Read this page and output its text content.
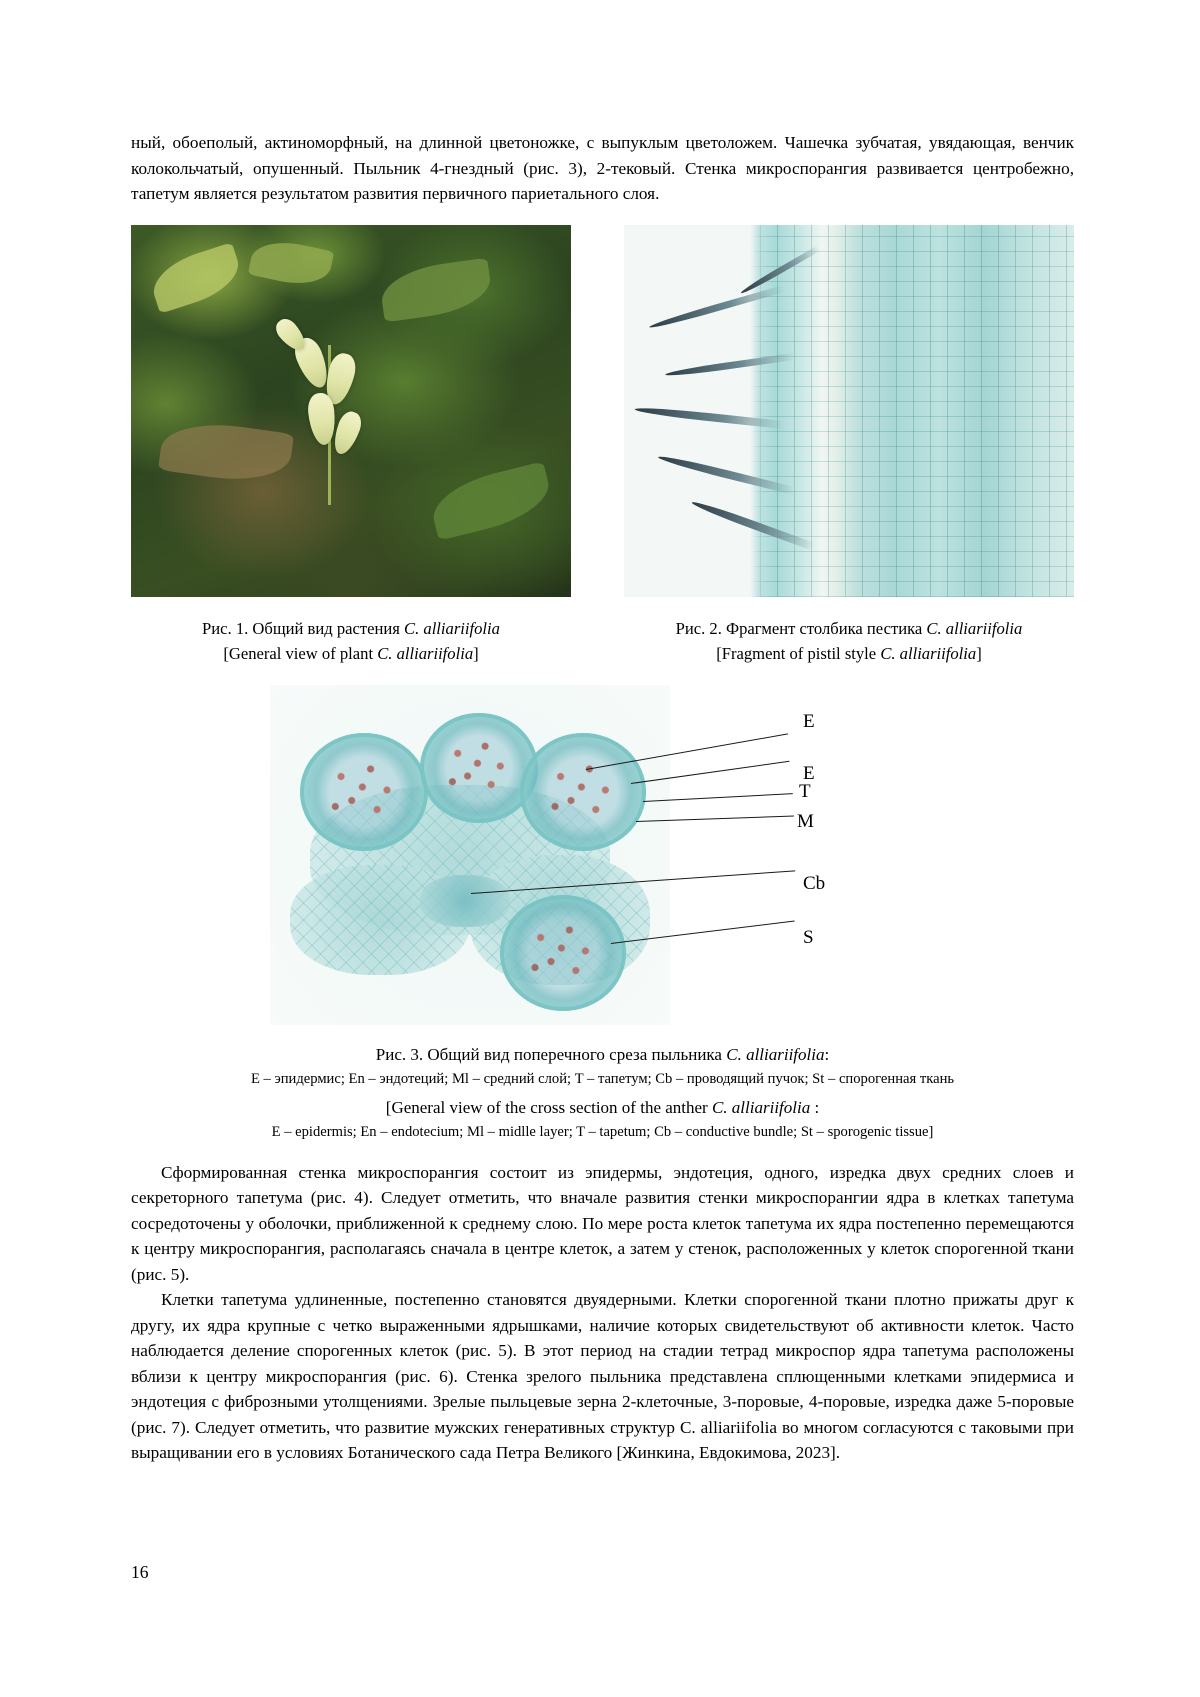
ный, обоеполый, актиноморфный, на длинной цветоножке, с выпуклым цветоложем. Чашечка зубчатая, увядающая, венчик колокольчатый, опушенный. Пыльник 4-гнездный (рис. 3), 2-тековый. Стенка микроспорангия развивается центробежно, тапетум является результатом развития первичного париетального слоя.

Рис. 1. Общий вид растения C. alliariifolia
[General view of plant C. alliariifolia]
Рис. 2. Фрагмент столбика пестика C. alliariifolia
[Fragment of pistil style C. alliariifolia]
E
E
T
M
Cb
S
Рис. 3. Общий вид поперечного среза пыльника C. alliariifolia:
E – эпидермис; En – эндотеций; Ml – средний слой; T – тапетум; Cb – проводящий пучок; St – спорогенная ткань
[General view of the cross section of the anther C. alliariifolia :
E – epidermis; En – endotecium; Ml – midlle layer; T – tapetum; Cb – conductive bundle; St – sporogenic tissue]

Сформированная стенка микроспорангия состоит из эпидермы, эндотеция, одного, изредка двух средних слоев и секреторного тапетума (рис. 4). Следует отметить, что вначале развития стенки микроспорангии ядра в клетках тапетума сосредоточены у оболочки, приближенной к среднему слою. По мере роста клеток тапетума их ядра постепенно перемещаются к центру микроспорангия, располагаясь сначала в центре клеток, а затем у стенок, расположенных у клеток спорогенной ткани (рис. 5).

Клетки тапетума удлиненные, постепенно становятся двуядерными. Клетки спорогенной ткани плотно прижаты друг к другу, их ядра крупные с четко выраженными ядрышками, наличие которых свидетельствуют об активности клеток. Часто наблюдается деление спорогенных клеток (рис. 5). В этот период на стадии тетрад микроспор ядра тапетума расположены вблизи к центру микроспорангия (рис. 6). Стенка зрелого пыльника представлена сплющенными клетками эпидермиса и эндотеция с фиброзными утолщениями. Зрелые пыльцевые зерна 2-клеточные, 3-поровые, 4-поровые, изредка даже 5-поровые (рис. 7). Следует отметить, что развитие мужских генеративных структур C. alliariifolia во многом согласуются с таковыми при выращивании его в условиях Ботанического сада Петра Великого [Жинкина, Евдокимова, 2023].

16
